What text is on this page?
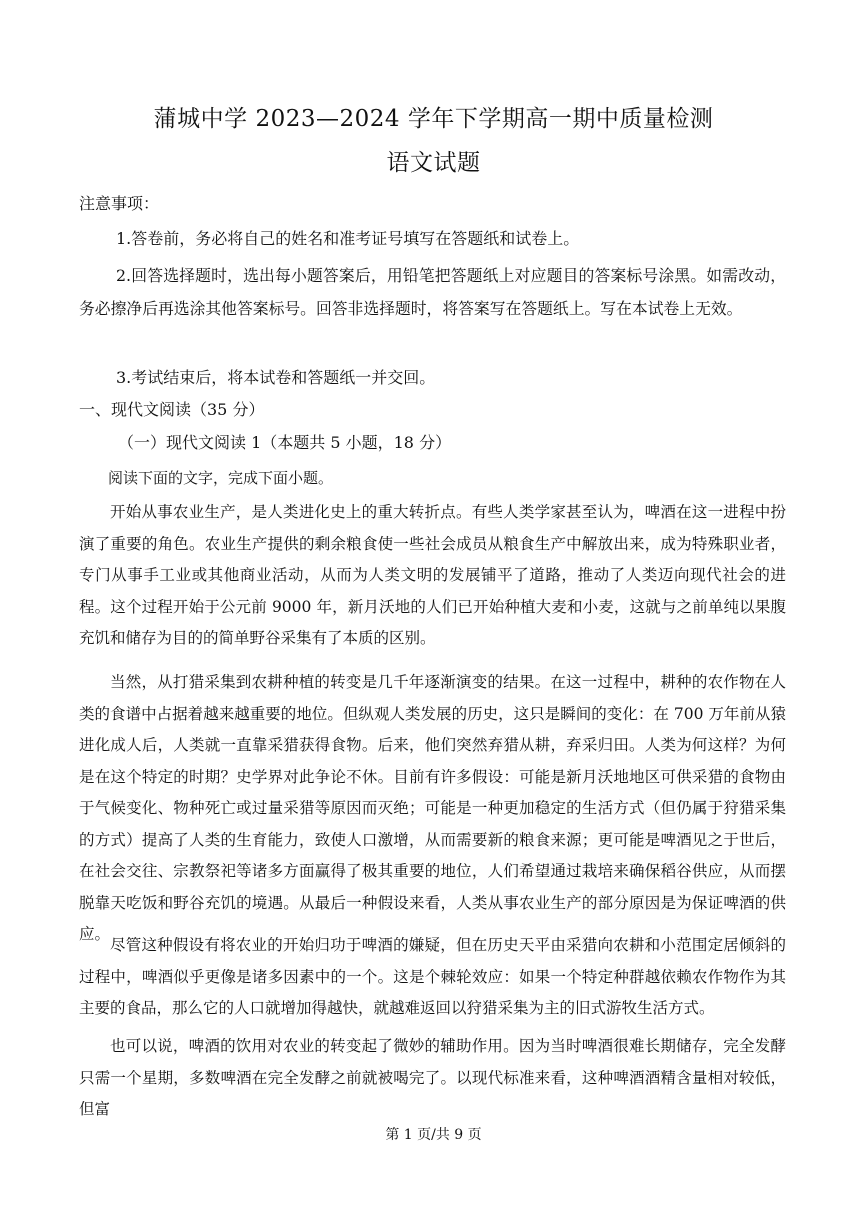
蒲城中学 2023—2024 学年下学期高一期中质量检测
语文试题
注意事项：
1.答卷前，务必将自己的姓名和准考证号填写在答题纸和试卷上。
2.回答选择题时，选出每小题答案后，用铅笔把答题纸上对应题目的答案标号涂黑。如需改动，务必擦净后再选涂其他答案标号。回答非选择题时，将答案写在答题纸上。写在本试卷上无效。
3.考试结束后，将本试卷和答题纸一并交回。
一、现代文阅读（35 分）
（一）现代文阅读 1（本题共 5 小题，18 分）
阅读下面的文字，完成下面小题。
开始从事农业生产，是人类进化史上的重大转折点。有些人类学家甚至认为，啤酒在这一进程中扮演了重要的角色。农业生产提供的剩余粮食使一些社会成员从粮食生产中解放出来，成为特殊职业者，专门从事手工业或其他商业活动，从而为人类文明的发展铺平了道路，推动了人类迈向现代社会的进程。这个过程开始于公元前 9000 年，新月沃地的人们已开始种植大麦和小麦，这就与之前单纯以果腹充饥和储存为目的的简单野谷采集有了本质的区别。
当然，从打猎采集到农耕种植的转变是几千年逐渐演变的结果。在这一过程中，耕种的农作物在人类的食谱中占据着越来越重要的地位。但纵观人类发展的历史，这只是瞬间的变化：在 700 万年前从猿进化成人后，人类就一直靠采猎获得食物。后来，他们突然弃猎从耕，弃采归田。人类为何这样？为何是在这个特定的时期？史学界对此争论不休。目前有许多假设：可能是新月沃地地区可供采猎的食物由于气候变化、物种死亡或过量采猎等原因而灭绝；可能是一种更加稳定的生活方式（但仍属于狩猎采集的方式）提高了人类的生育能力，致使人口激增，从而需要新的粮食来源；更可能是啤酒见之于世后，在社会交往、宗教祭祀等诸多方面赢得了极其重要的地位，人们希望通过栽培来确保稻谷供应，从而摆脱靠天吃饭和野谷充饥的境遇。从最后一种假设来看，人类从事农业生产的部分原因是为保证啤酒的供应。
尽管这种假设有将农业的开始归功于啤酒的嫌疑，但在历史天平由采猎向农耕和小范围定居倾斜的过程中，啤酒似乎更像是诸多因素中的一个。这是个棘轮效应：如果一个特定种群越依赖农作物作为其主要的食品，那么它的人口就增加得越快，就越难返回以狩猎采集为主的旧式游牧生活方式。
也可以说，啤酒的饮用对农业的转变起了微妙的辅助作用。因为当时啤酒很难长期储存，完全发酵只需一个星期，多数啤酒在完全发酵之前就被喝完了。以现代标准来看，这种啤酒酒精含量相对较低，但富
第 1 页/共 9 页
